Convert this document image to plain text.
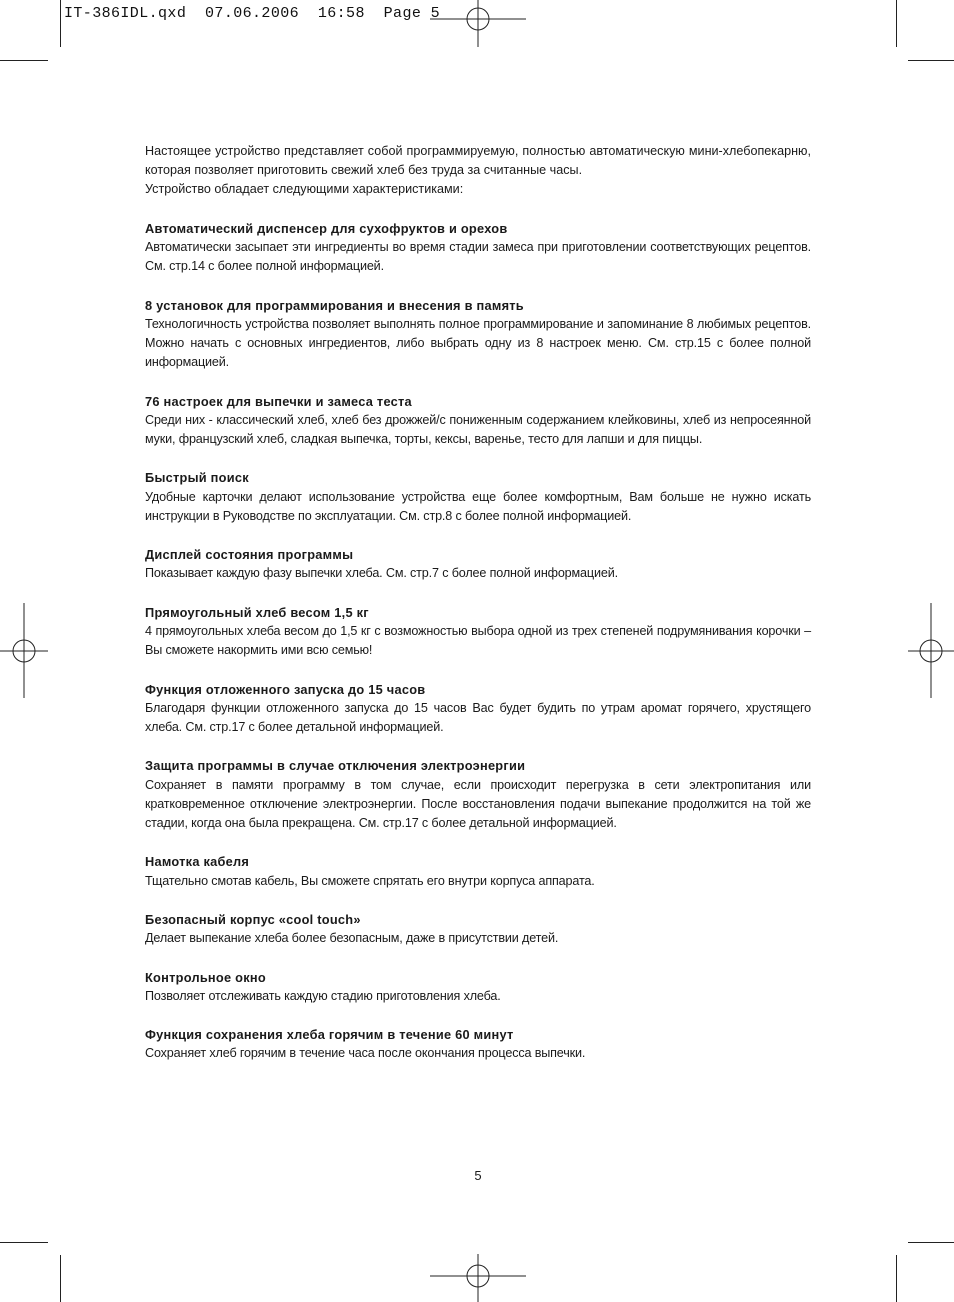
IT-386IDL.qxd  07.06.2006  16:58  Page 5

Настоящее устройство представляет собой программируемую, полностью автоматическую мини-хлебопекарню, которая позволяет приготовить свежий хлеб без труда за считанные часы.

Устройство обладает следующими характеристиками:

Автоматический диспенсер для сухофруктов и орехов

Автоматически засыпает эти ингредиенты во время стадии замеса при приготовлении соответствующих рецептов. См. стр.14 с более полной информацией.

8 установок для программирования и внесения в память

Технологичность устройства позволяет выполнять полное программирование и запоминание 8 любимых рецептов. Можно начать с основных ингредиентов, либо выбрать одну из 8 настроек меню. См. стр.15 с более полной информацией.

76 настроек для выпечки и замеса теста

Среди них - классический хлеб, хлеб без дрожжей/с пониженным содержанием клейковины, хлеб из непросеянной муки, французский хлеб, сладкая выпечка, торты, кексы, варенье, тесто для лапши и для пиццы.

Быстрый поиск

Удобные карточки делают использование устройства еще более комфортным, Вам больше не нужно искать инструкции в Руководстве по эксплуатации. См. стр.8 с более полной информацией.

Дисплей состояния программы

Показывает каждую фазу выпечки хлеба. См. стр.7 с более полной информацией.

Прямоугольный хлеб весом 1,5 кг

4 прямоугольных хлеба весом до 1,5 кг с возможностью выбора одной из трех степеней подрумянивания корочки – Вы сможете накормить ими всю семью!

Функция отложенного запуска до 15 часов

Благодаря функции отложенного запуска до 15 часов Вас будет будить по утрам аромат горячего, хрустящего хлеба. См. стр.17 с более детальной информацией.

Защита программы в случае отключения электроэнергии

Сохраняет в памяти программу в том случае, если происходит перегрузка в сети электропитания или кратковременное отключение электроэнергии. После восстановления подачи выпекание продолжится на той же стадии, когда она была прекращена. См. стр.17 с более детальной информацией.

Намотка кабеля

Тщательно смотав кабель, Вы сможете спрятать его внутри корпуса аппарата.

Безопасный корпус «cool touch»

Делает выпекание хлеба более безопасным, даже в присутствии детей.

Контрольное окно

Позволяет отслеживать каждую стадию приготовления хлеба.

Функция сохранения хлеба горячим в течение 60 минут

Сохраняет хлеб горячим в течение часа после окончания процесса выпечки.

5
